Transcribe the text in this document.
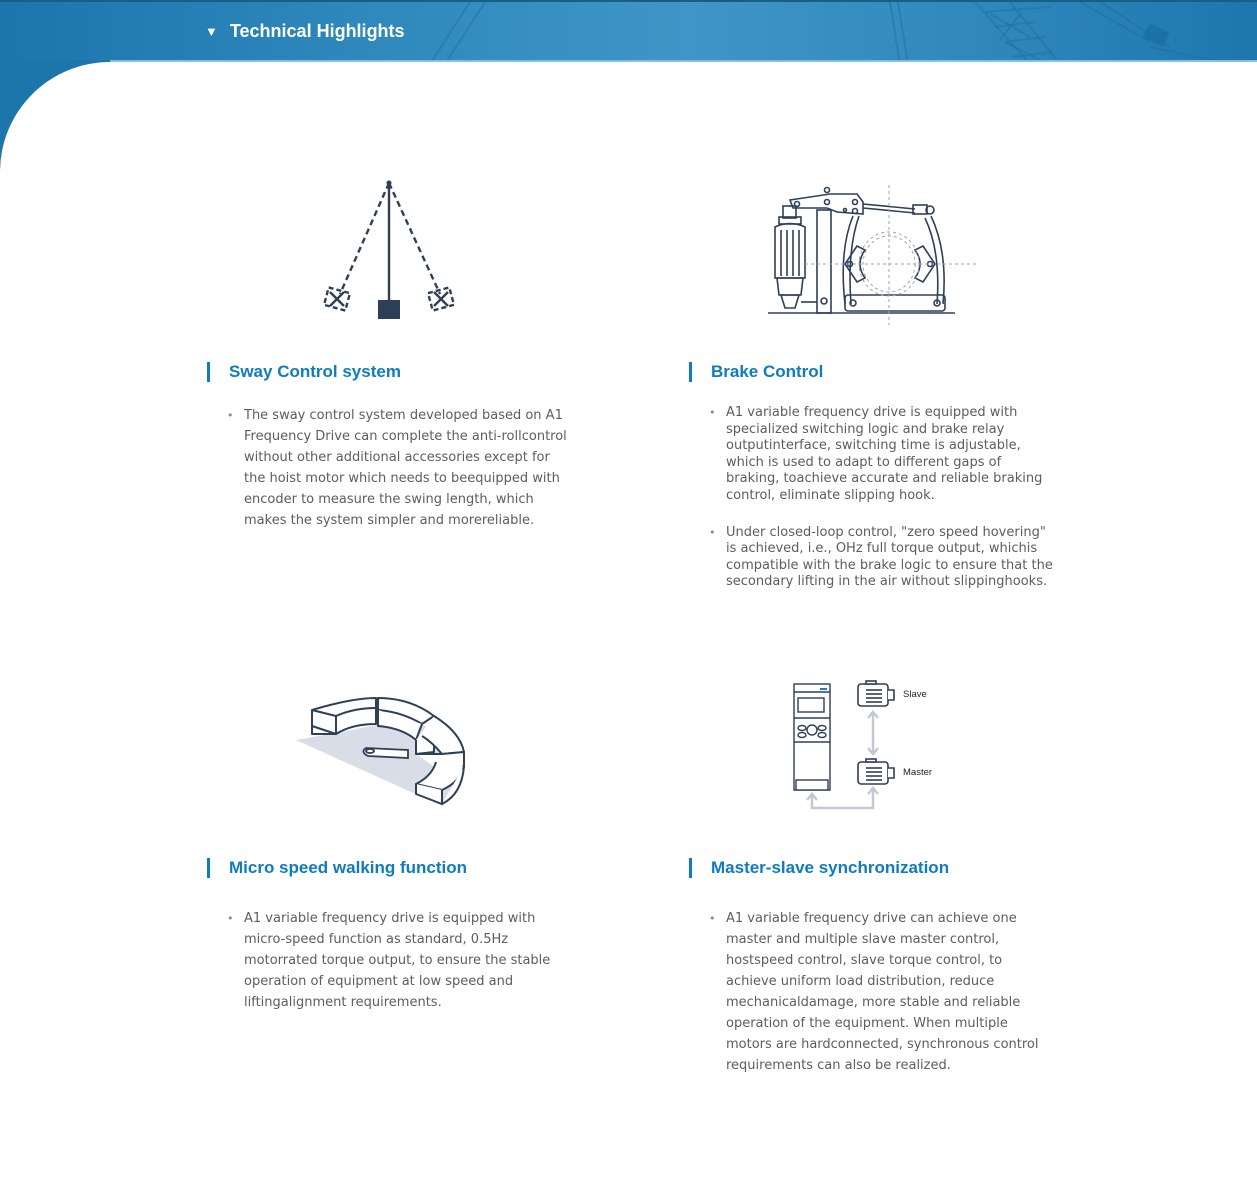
▼ Technical Highlights
Sway Control system
• The sway control system developed based on A1 Frequency Drive can complete the anti-rollcontrol without other additional accessories except for the hoist motor which needs to beequipped with encoder to measure the swing length, which makes the system simpler and morereliable.
Brake Control
• A1 variable frequency drive is equipped with specialized switching logic and brake relay outputinterface, switching time is adjustable, which is used to adapt to different gaps of braking, toachieve accurate and reliable braking control, eliminate slipping hook.
• Under closed-loop control, "zero speed hovering" is achieved, i.e., OHz full torque output, whichis compatible with the brake logic to ensure that the secondary lifting in the air without slippinghooks.
Micro speed walking function
• A1 variable frequency drive is equipped with micro-speed function as standard, 0.5Hz motorrated torque output, to ensure the stable operation of equipment at low speed and liftingalignment requirements.
Slave
Master
Master-slave synchronization
• A1 variable frequency drive can achieve one master and multiple slave master control, hostspeed control, slave torque control, to achieve uniform load distribution, reduce mechanicaldamage, more stable and reliable operation of the equipment. When multiple motors are hardconnected, synchronous control requirements can also be realized.
